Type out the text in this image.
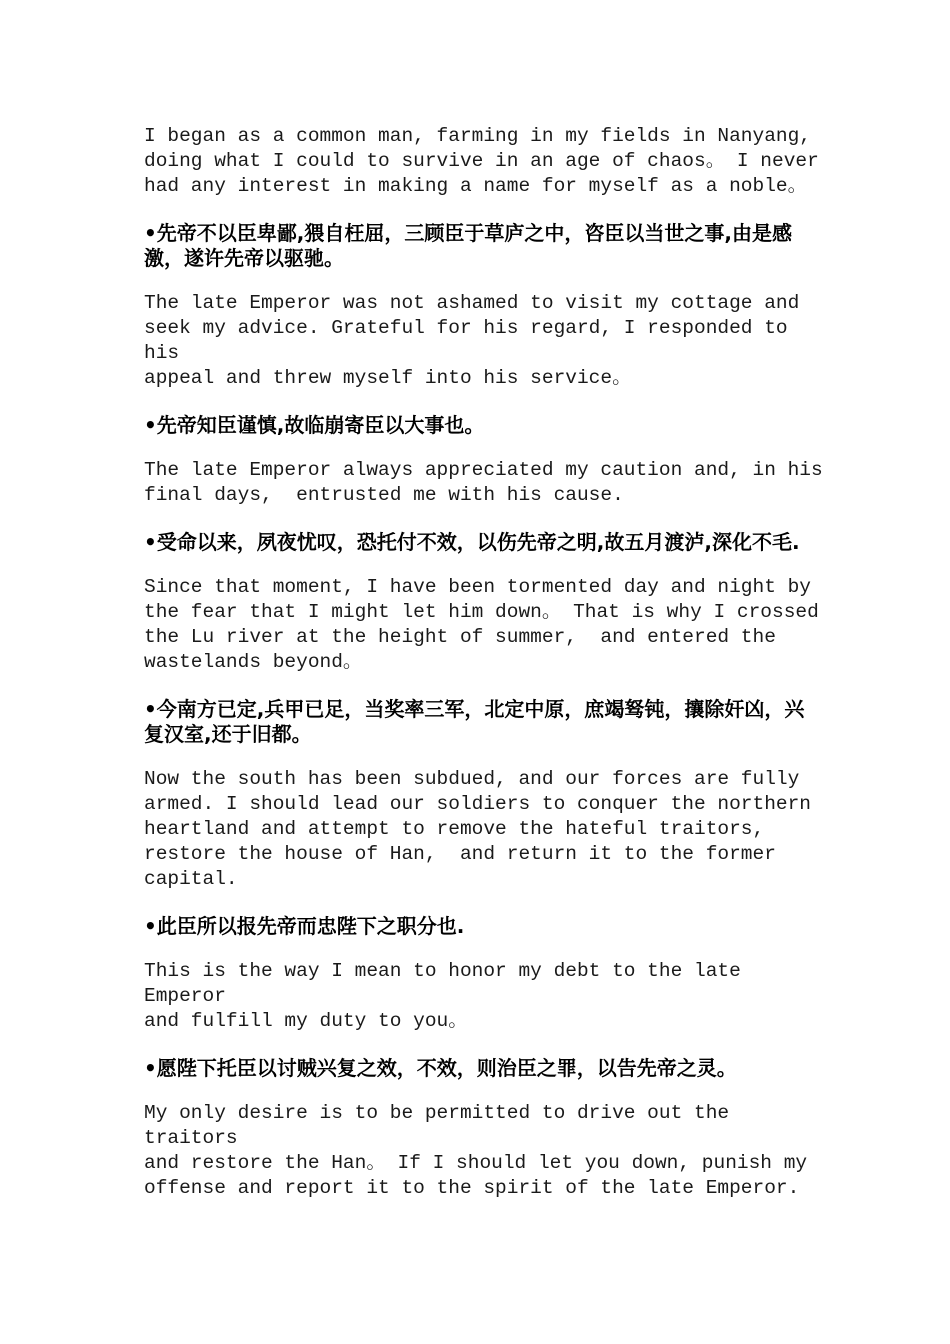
I began as a common man, farming in my fields in Nanyang,
doing what I could to survive in an age of chaos。 I never
had any interest in making a name for myself as a noble。

•先帝不以臣卑鄙,猥自枉屈，三顾臣于草庐之中，咨臣以当世之事,由是感激，遂许先帝以驱驰。

The late Emperor was not ashamed to visit my cottage and
seek my advice. Grateful for his regard, I responded to his
appeal and threw myself into his service。

•先帝知臣谨慎,故临崩寄臣以大事也。

The late Emperor always appreciated my caution and, in his
final days,  entrusted me with his cause.

•受命以来，夙夜忧叹，恐托付不效，以伤先帝之明,故五月渡泸,深化不毛.

Since that moment, I have been tormented day and night by
the fear that I might let him down。 That is why I crossed
the Lu river at the height of summer,  and entered the
wastelands beyond。

•今南方已定,兵甲已足，当奖率三军，北定中原，庶竭驽钝，攘除奸凶，兴复汉室,还于旧都。

Now the south has been subdued, and our forces are fully
armed. I should lead our soldiers to conquer the northern
heartland and attempt to remove the hateful traitors,
restore the house of Han,  and return it to the former
capital.

•此臣所以报先帝而忠陛下之职分也.

This is the way I mean to honor my debt to the late Emperor
and fulfill my duty to you。

•愿陛下托臣以讨贼兴复之效，不效，则治臣之罪，以告先帝之灵。

My only desire is to be permitted to drive out the traitors
and restore the Han。 If I should let you down, punish my
offense and report it to the spirit of the late Emperor.
